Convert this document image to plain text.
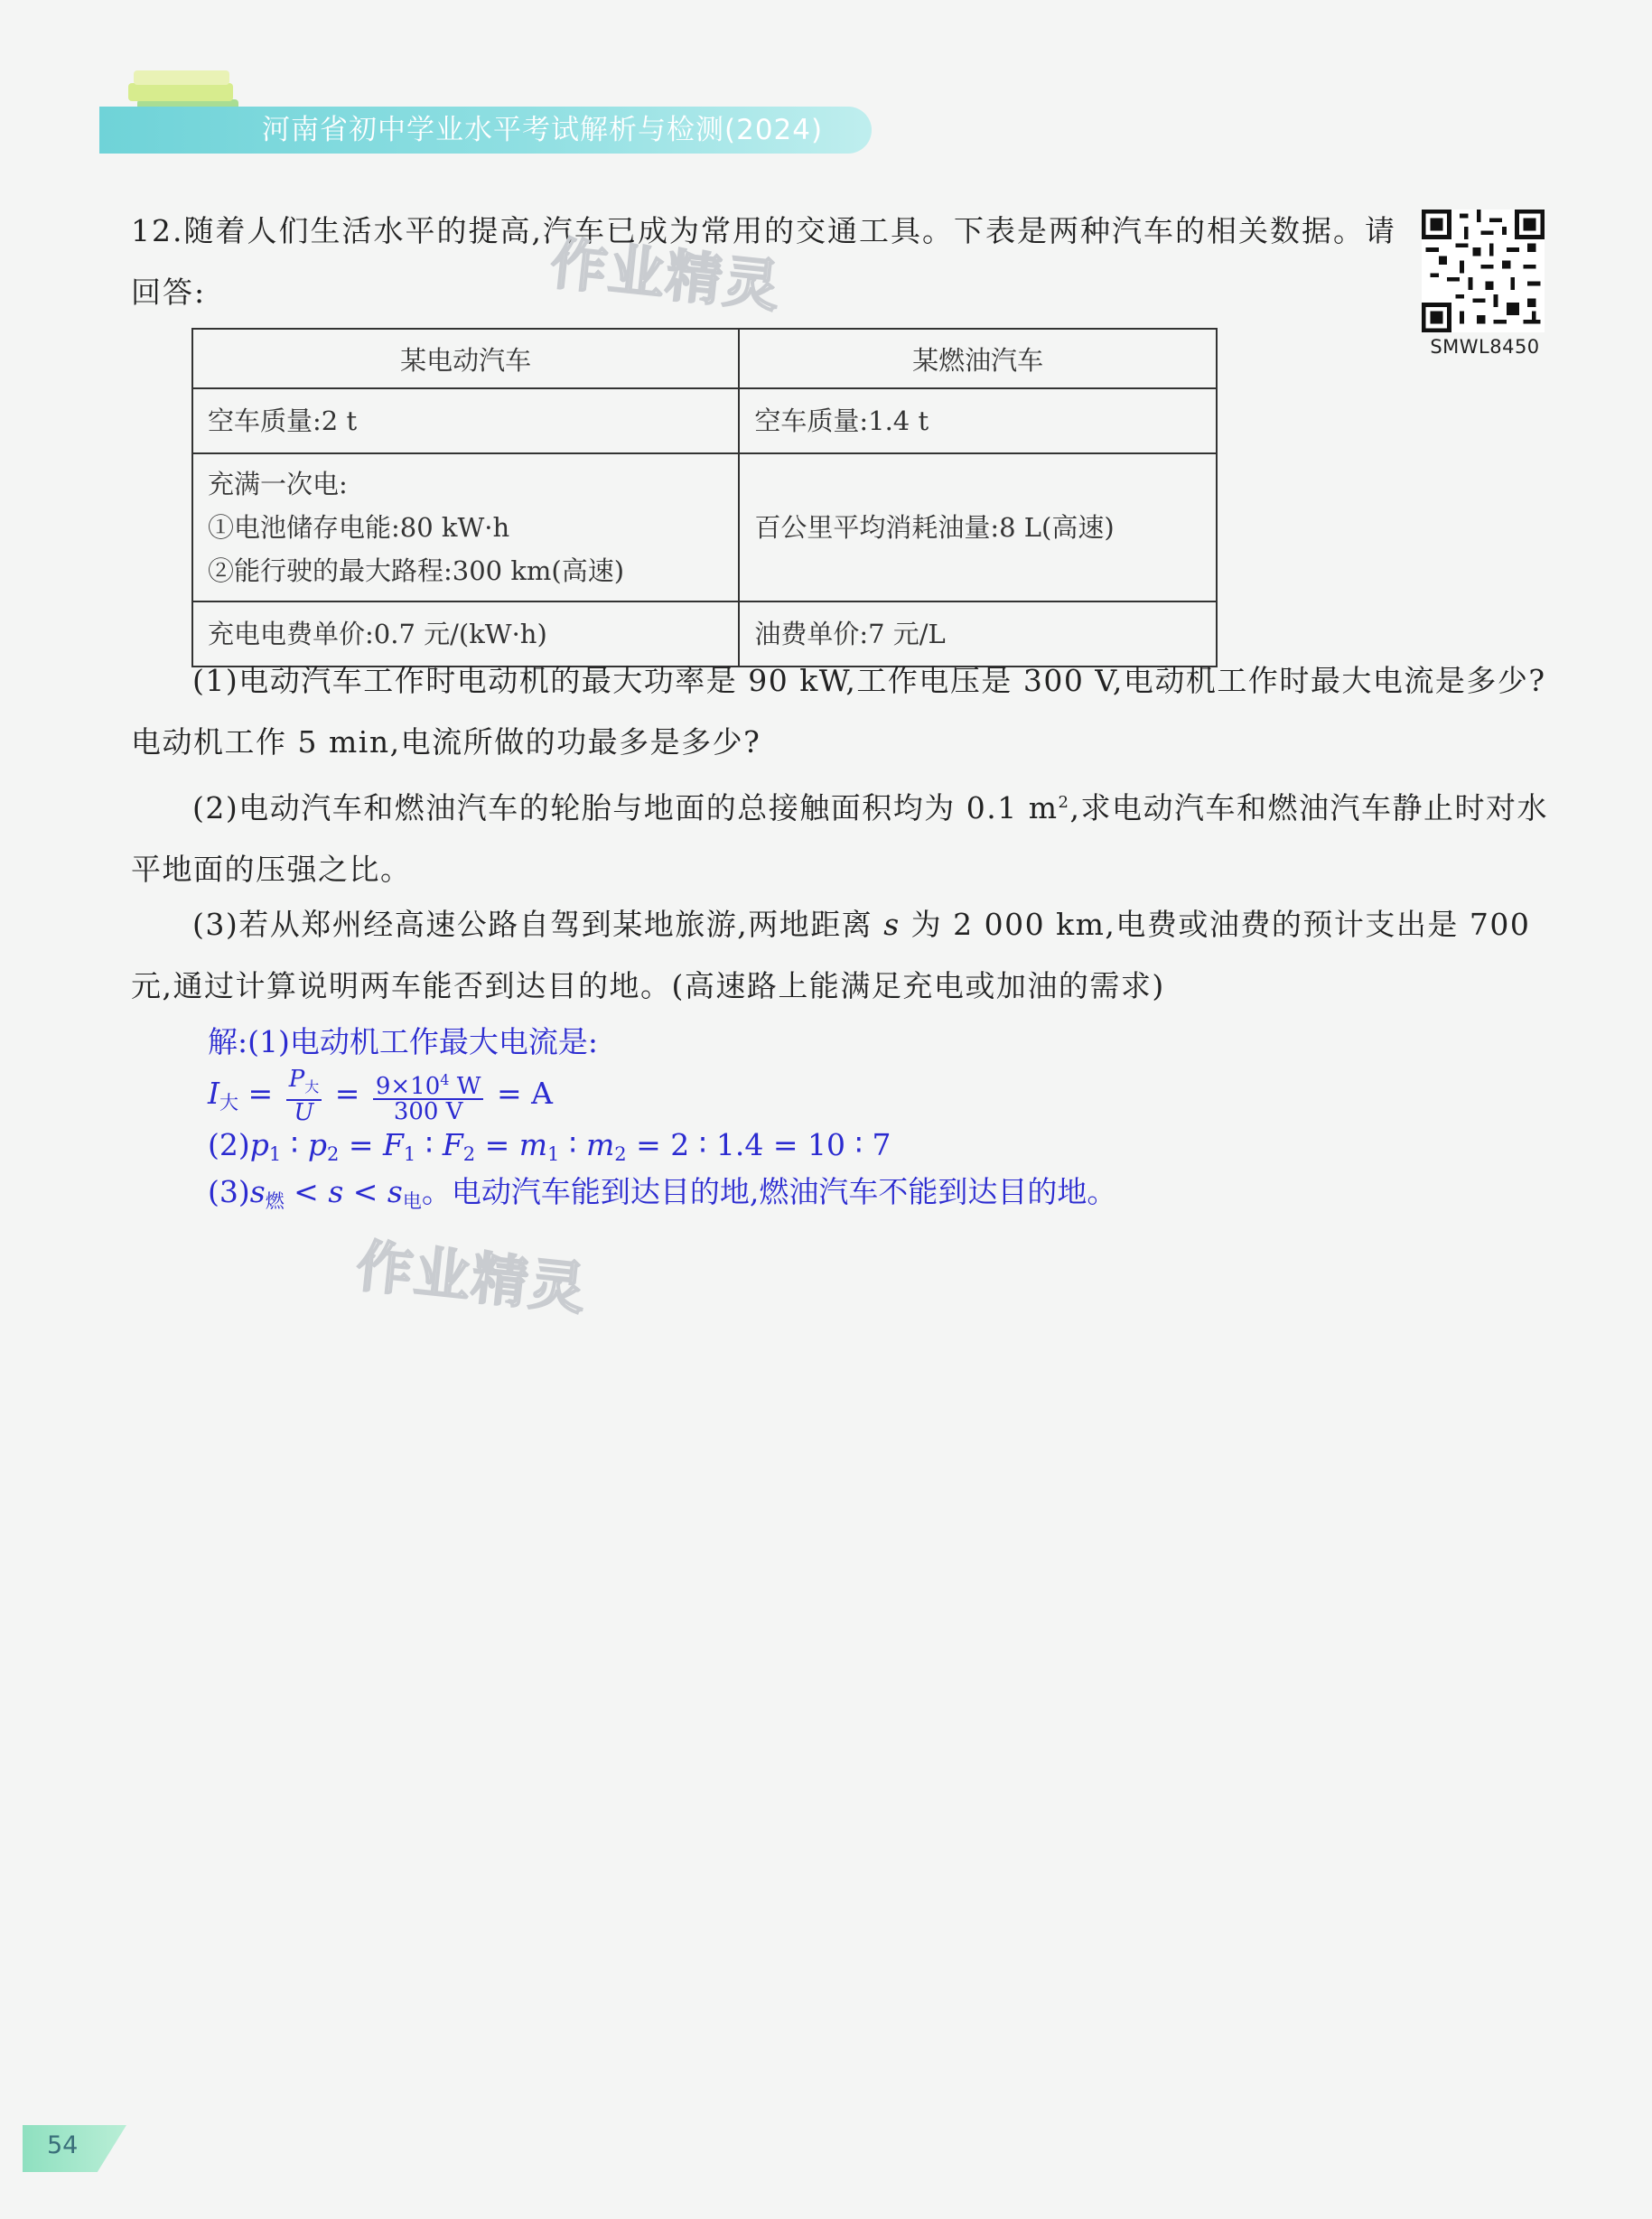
河南省初中学业水平考试解析与检测(2024)
12.随着人们生活水平的提高,汽车已成为常用的交通工具。下表是两种汽车的相关数据。请回答:
SMWL8450
作业精灵
某电动汽车	某燃油汽车
空车质量:2 t	空车质量:1.4 t

充满一次电:
①电池储存电能:80 kW·h
②能行驶的最大路程:300 km(高速)	百公里平均消耗油量:8 L(高速)
充电电费单价:0.7 元/(kW·h)	油费单价:7 元/L
(1)电动汽车工作时电动机的最大功率是 90 kW,工作电压是 300 V,电动机工作时最大电流是多少?电动机工作 5 min,电流所做的功最多是多少?
(2)电动汽车和燃油汽车的轮胎与地面的总接触面积均为 0.1 $m^2$,求电动汽车和燃油汽车静止时对水平地面的压强之比。
(3)若从郑州经高速公路自驾到某地旅游,两地距离 s 为 2 000 km,电费或油费的预计支出是 700 元,通过计算说明两车能否到达目的地。(高速路上能满足充电或加油的需求)
解:(1)电动机工作最大电流是:
$I_大 = \frac{P_大}{U} = \frac{9\times 10^4 W}{300 V} = A$
$(2)p_1$ ∶ $p_2 = F_1$ ∶ $F_2 = m_1$ ∶ $m_2 = 2$ ∶ 1.4 = 10 ∶ 7
$(3)s_燃 < s < s_电$。电动汽车能到达目的地,燃油汽车不能到达目的地。
作业精灵
54
